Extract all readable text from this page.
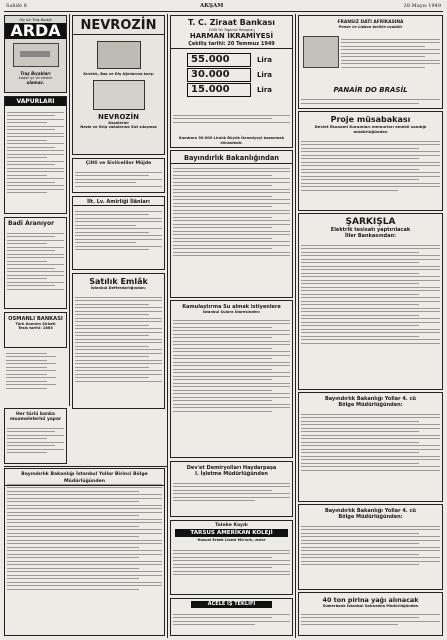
Sahife 8	AKŞAM	28 Mayıs 1949
Hiç bir Traş Bıçağı
ARDA
Traş Bıçakları
kadar iyi ve keskin
olamaz.
VAPURLARI
Badi Aranıyor
OSMANLI BANKASI
Türk Anonim Şirketi
Tesis tarihi: 1863
Her türlü banka muamelelerini yapar
NEVROZİN
Kırıklık, Baş ve Diş Ağrılarına karşı
NEVROZİN
Kaşelerini
Nezle ve Grip vakalarına Sizi sıkışmaz
Çiltli ve Sivilceliler Müjde
İlt. Lv. Amirliği İlânları
Satılık Emlâk
İstanbul Defterdarlığından:
Bayındırlık Bakanlığı İstanbul Yollar Birinci Bölge Müdürlüğünden
T. C. Ziraat Bankası
1949 Yılı Tasarruf Hesapları
HARMAN İKRAMİYESİ
Çekiliş tarihi: 20 Temmuz 1949
55.000	Lira
30.000	Lira
15.000	Lira
Kumbara 30.000 Liralık Büyük İkramiyeyi kazanmak elinizdedir.
Bayındırlık Bakanlığından
Kamulaştırma Su almak istiyenlere
İstanbul Sulara İdaresinden:
Dev'et Demiryolları Haydarpaşa
I. İşletme Müdürlüğünden
Talebe Kaydı
TARSUS AMERİKAN KOLEJİ
Hususi Erkek Lisesi Mü'sırlı, anlar
ACELE İŞ TEKLİFİ
FRANSIZ DATI AFRİKASINA
Pense ve Lizbon tarihle uçabilir
PANAİR DO BRASİL
Proje müsabakası
Devlet Ekonomi Kurumları memurları emekli sandığı müdürlüğünden
ŞARKIŞLA
Elektrik tesisatı yaptırılacak
İller Bankasından:
Bayındırlık Bakanlığı Yollar 4. cü
Bölge Müdürlüğünden:
Bayındırlık Bakanlığı Yollar 4. cü
Bölge Müdürlüğünden:
40 ton pirina yağı alınacak
Sümerbank İstanbul Satınalma Müdürlüğünden
